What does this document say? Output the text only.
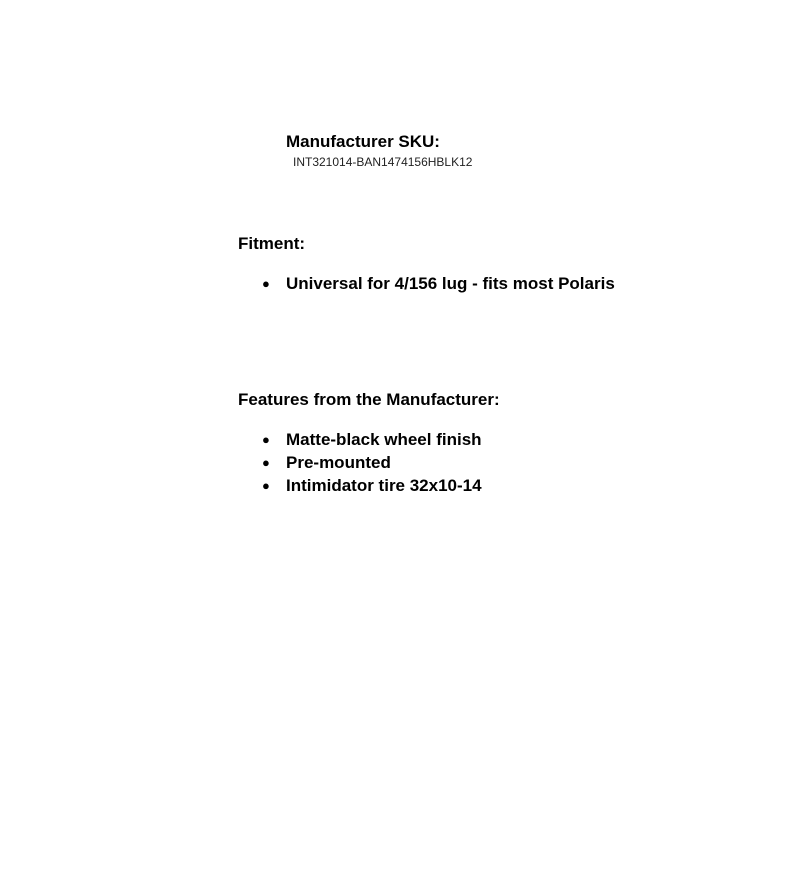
Manufacturer SKU:
INT321014-BAN1474156HBLK12
Fitment:
● Universal for 4/156 lug - fits most Polaris
Features from the Manufacturer:
● Matte-black wheel finish
● Pre-mounted
● Intimidator tire 32x10-14
